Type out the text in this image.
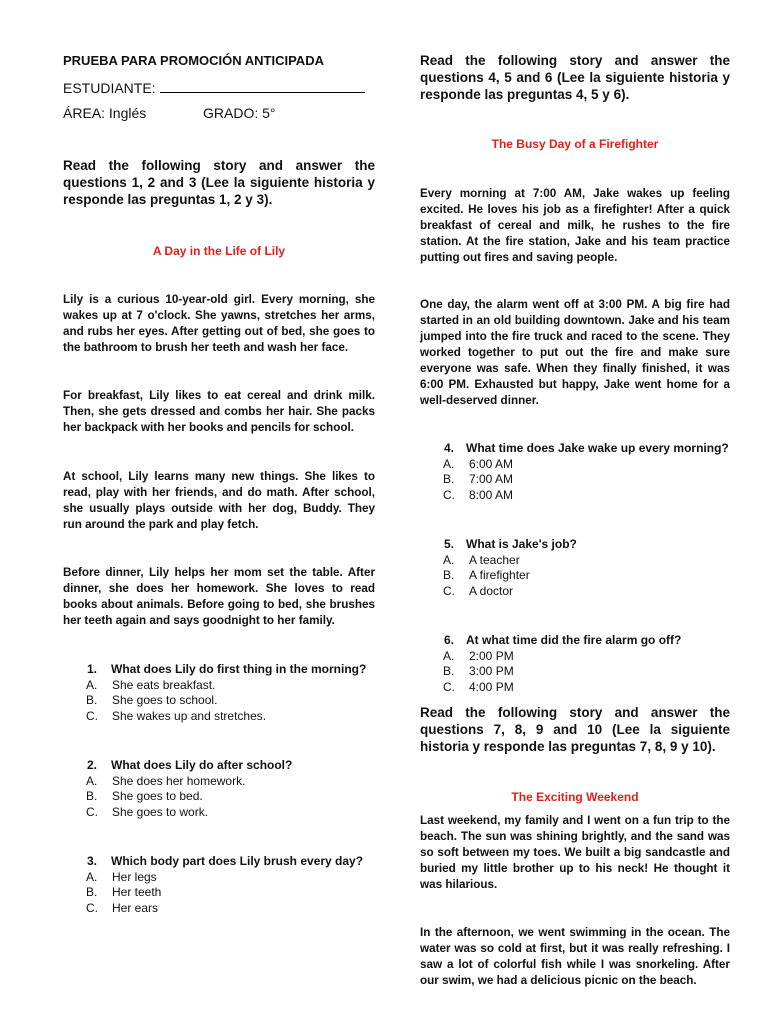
PRUEBA PARA PROMOCIÓN ANTICIPADA

ESTUDIANTE:

ÁREA: Inglés	GRADO: 5°

Read the following story and answer the questions 1, 2 and 3 (Lee la siguiente historia y responde las preguntas 1, 2 y 3).

A Day in the Life of Lily

Lily is a curious 10-year-old girl. Every morning, she wakes up at 7 o'clock. She yawns, stretches her arms, and rubs her eyes. After getting out of bed, she goes to the bathroom to brush her teeth and wash her face.

For breakfast, Lily likes to eat cereal and drink milk. Then, she gets dressed and combs her hair. She packs her backpack with her books and pencils for school.

At school, Lily learns many new things. She likes to read, play with her friends, and do math. After school, she usually plays outside with her dog, Buddy. They run around the park and play fetch.

Before dinner, Lily helps her mom set the table. After dinner, she does her homework. She loves to read books about animals. Before going to bed, she brushes her teeth again and says goodnight to her family.

1. What does Lily do first thing in the morning?
A. She eats breakfast.
B. She goes to school.
C. She wakes up and stretches.
2. What does Lily do after school?
A. She does her homework.
B. She goes to bed.
C. She goes to work.
3. Which body part does Lily brush every day?
A. Her legs
B. Her teeth
C. Her ears

Read the following story and answer the questions 4, 5 and 6 (Lee la siguiente historia y responde las preguntas 4, 5 y 6).

The Busy Day of a Firefighter

Every morning at 7:00 AM, Jake wakes up feeling excited. He loves his job as a firefighter! After a quick breakfast of cereal and milk, he rushes to the fire station. At the fire station, Jake and his team practice putting out fires and saving people.

One day, the alarm went off at 3:00 PM. A big fire had started in an old building downtown. Jake and his team jumped into the fire truck and raced to the scene. They worked together to put out the fire and make sure everyone was safe. When they finally finished, it was 6:00 PM. Exhausted but happy, Jake went home for a well-deserved dinner.

4. What time does Jake wake up every morning?
A. 6:00 AM
B. 7:00 AM
C. 8:00 AM
5. What is Jake's job?
A. A teacher
B. A firefighter
C. A doctor
6. At what time did the fire alarm go off?
A. 2:00 PM
B. 3:00 PM
C. 4:00 PM

Read the following story and answer the questions 7, 8, 9 and 10 (Lee la siguiente historia y responde las preguntas 7, 8, 9 y 10).

The Exciting Weekend

Last weekend, my family and I went on a fun trip to the beach. The sun was shining brightly, and the sand was so soft between my toes. We built a big sandcastle and buried my little brother up to his neck! He thought it was hilarious.

In the afternoon, we went swimming in the ocean. The water was so cold at first, but it was really refreshing. I saw a lot of colorful fish while I was snorkeling. After our swim, we had a delicious picnic on the beach.
